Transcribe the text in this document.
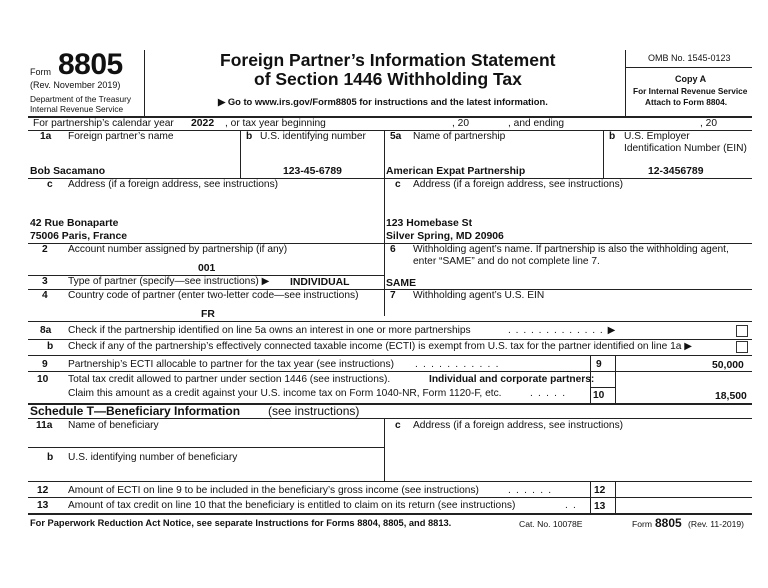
Form 8805
(Rev. November 2019)
Department of the Treasury
Internal Revenue Service
Foreign Partner’s Information Statement
of Section 1446 Withholding Tax
▶ Go to www.irs.gov/Form8805 for instructions and the latest information.
OMB No. 1545-0123
Copy A
For Internal Revenue Service
Attach to Form 8804.
For partnership’s calendar year 2022 , or tax year beginning	, 20	, and ending	, 20
1a Foreign partner’s name
Bob Sacamano
b U.S. identifying number
123-45-6789
5a Name of partnership
American Expat Partnership
b U.S. Employer
Identification Number (EIN)
12-3456789
c Address (if a foreign address, see instructions)
42 Rue Bonaparte
75006 Paris, France
c Address (if a foreign address, see instructions)
123 Homebase St
Silver Spring, MD 20906
2 Account number assigned by partnership (if any)
001
6 Withholding agent’s name. If partnership is also the withholding agent,
enter “SAME” and do not complete line 7.
SAME
3 Type of partner (specify—see instructions) ▶ INDIVIDUAL
4 Country code of partner (enter two-letter code—see instructions)
FR
7 Withholding agent’s U.S. EIN
8a Check if the partnership identified on line 5a owns an interest in one or more partnerships	. . . . . . . . . . . . . ▶
b Check if any of the partnership’s effectively connected taxable income (ECTI) is exempt from U.S. tax for the partner identified on line 1a ▶
9 Partnership’s ECTI allocable to partner for the tax year (see instructions) . . . . . . . . . . .	9	50,000
10 Total tax credit allowed to partner under section 1446 (see instructions).	Individual and corporate partners:
Claim this amount as a credit against your U.S. income tax on Form 1040-NR, Form 1120-F, etc.	. . . . .	10	18,500
Schedule T—Beneficiary Information (see instructions)
11a Name of beneficiary	c Address (if a foreign address, see instructions)
b U.S. identifying number of beneficiary
12 Amount of ECTI on line 9 to be included in the beneficiary’s gross income (see instructions)	. . . . . .	12
13 Amount of tax credit on line 10 that the beneficiary is entitled to claim on its return (see instructions)	. . 13
For Paperwork Reduction Act Notice, see separate Instructions for Forms 8804, 8805, and 8813.	Cat. No. 10078E	Form 8805 (Rev. 11-2019)
